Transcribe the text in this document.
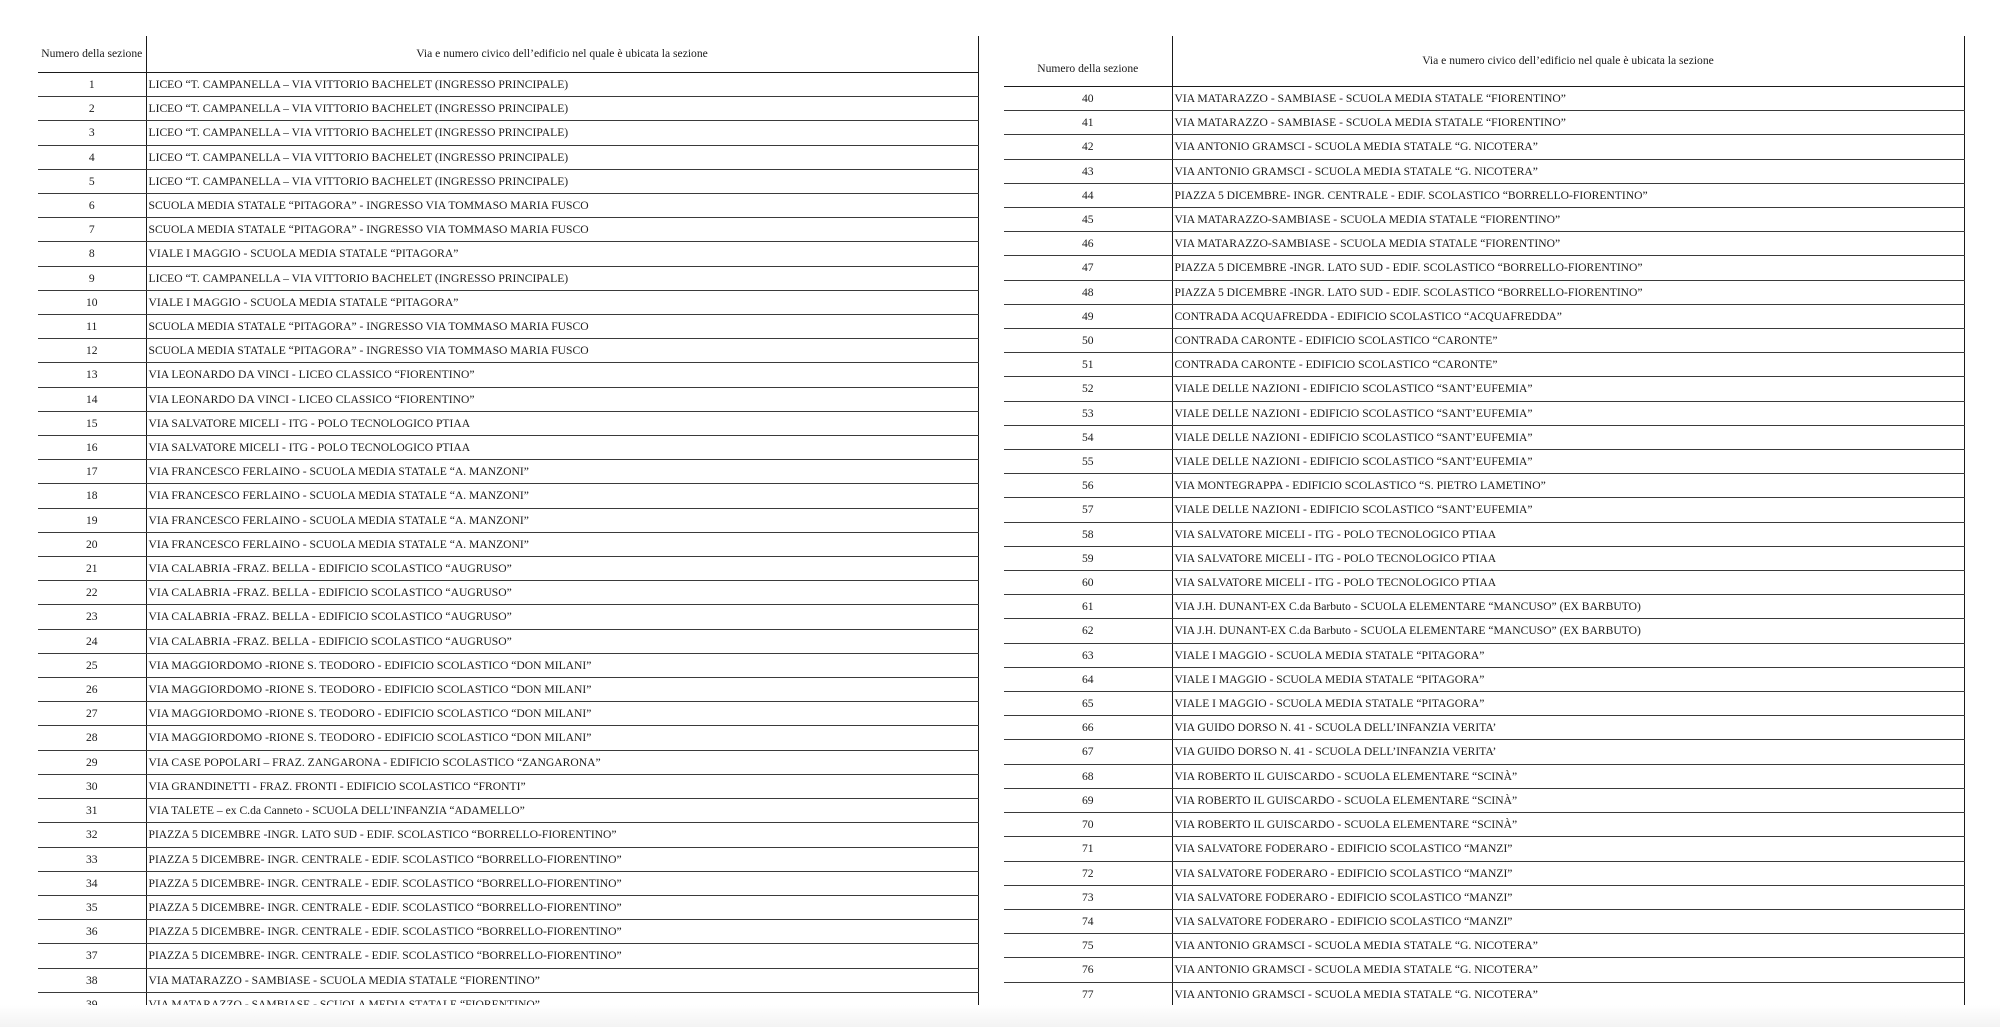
Numero della sezione	Via e numero civico dell’edificio nel quale è ubicata la sezione
1	LICEO “T. CAMPANELLA – VIA VITTORIO BACHELET (INGRESSO PRINCIPALE)
2	LICEO “T. CAMPANELLA – VIA VITTORIO BACHELET (INGRESSO PRINCIPALE)
3	LICEO “T. CAMPANELLA – VIA VITTORIO BACHELET (INGRESSO PRINCIPALE)
4	LICEO “T. CAMPANELLA – VIA VITTORIO BACHELET (INGRESSO PRINCIPALE)
5	LICEO “T. CAMPANELLA – VIA VITTORIO BACHELET (INGRESSO PRINCIPALE)
6	SCUOLA MEDIA STATALE “PITAGORA” - INGRESSO VIA TOMMASO MARIA FUSCO
7	SCUOLA MEDIA STATALE “PITAGORA” - INGRESSO VIA TOMMASO MARIA FUSCO
8	VIALE I MAGGIO - SCUOLA MEDIA STATALE “PITAGORA”
9	LICEO “T. CAMPANELLA – VIA VITTORIO BACHELET (INGRESSO PRINCIPALE)
10	VIALE I MAGGIO - SCUOLA MEDIA STATALE “PITAGORA”
11	SCUOLA MEDIA STATALE “PITAGORA” - INGRESSO VIA TOMMASO MARIA FUSCO
12	SCUOLA MEDIA STATALE “PITAGORA” - INGRESSO VIA TOMMASO MARIA FUSCO
13	VIA LEONARDO DA VINCI - LICEO CLASSICO “FIORENTINO”
14	VIA LEONARDO DA VINCI - LICEO CLASSICO “FIORENTINO”
15	VIA SALVATORE MICELI - ITG - POLO TECNOLOGICO PTIAA
16	VIA SALVATORE MICELI - ITG - POLO TECNOLOGICO PTIAA
17	VIA FRANCESCO FERLAINO - SCUOLA MEDIA STATALE “A. MANZONI”
18	VIA FRANCESCO FERLAINO - SCUOLA MEDIA STATALE “A. MANZONI”
19	VIA FRANCESCO FERLAINO - SCUOLA MEDIA STATALE “A. MANZONI”
20	VIA FRANCESCO FERLAINO - SCUOLA MEDIA STATALE “A. MANZONI”
21	VIA CALABRIA -FRAZ. BELLA - EDIFICIO SCOLASTICO “AUGRUSO”
22	VIA CALABRIA -FRAZ. BELLA - EDIFICIO SCOLASTICO “AUGRUSO”
23	VIA CALABRIA -FRAZ. BELLA - EDIFICIO SCOLASTICO “AUGRUSO”
24	VIA CALABRIA -FRAZ. BELLA - EDIFICIO SCOLASTICO “AUGRUSO”
25	VIA MAGGIORDOMO -RIONE S. TEODORO - EDIFICIO SCOLASTICO “DON MILANI”
26	VIA MAGGIORDOMO -RIONE S. TEODORO - EDIFICIO SCOLASTICO “DON MILANI”
27	VIA MAGGIORDOMO -RIONE S. TEODORO - EDIFICIO SCOLASTICO “DON MILANI”
28	VIA MAGGIORDOMO -RIONE S. TEODORO - EDIFICIO SCOLASTICO “DON MILANI”
29	VIA CASE POPOLARI – FRAZ. ZANGARONA - EDIFICIO SCOLASTICO “ZANGARONA”
30	VIA GRANDINETTI - FRAZ. FRONTI - EDIFICIO SCOLASTICO “FRONTI”
31	VIA TALETE – ex C.da Canneto - SCUOLA DELL’INFANZIA “ADAMELLO”
32	PIAZZA 5 DICEMBRE -INGR. LATO SUD - EDIF. SCOLASTICO “BORRELLO-FIORENTINO”
33	PIAZZA 5 DICEMBRE- INGR. CENTRALE - EDIF. SCOLASTICO “BORRELLO-FIORENTINO”
34	PIAZZA 5 DICEMBRE- INGR. CENTRALE - EDIF. SCOLASTICO “BORRELLO-FIORENTINO”
35	PIAZZA 5 DICEMBRE- INGR. CENTRALE - EDIF. SCOLASTICO “BORRELLO-FIORENTINO”
36	PIAZZA 5 DICEMBRE- INGR. CENTRALE - EDIF. SCOLASTICO “BORRELLO-FIORENTINO”
37	PIAZZA 5 DICEMBRE- INGR. CENTRALE - EDIF. SCOLASTICO “BORRELLO-FIORENTINO”
38	VIA MATARAZZO - SAMBIASE - SCUOLA MEDIA STATALE “FIORENTINO”

Numero della sezione	Via e numero civico dell’edificio nel quale è ubicata la sezione
40	VIA MATARAZZO - SAMBIASE - SCUOLA MEDIA STATALE “FIORENTINO”
41	VIA MATARAZZO - SAMBIASE - SCUOLA MEDIA STATALE “FIORENTINO”
42	VIA ANTONIO GRAMSCI - SCUOLA MEDIA STATALE “G. NICOTERA”
43	VIA ANTONIO GRAMSCI - SCUOLA MEDIA STATALE “G. NICOTERA”
44	PIAZZA 5 DICEMBRE- INGR. CENTRALE - EDIF. SCOLASTICO “BORRELLO-FIORENTINO”
45	VIA MATARAZZO-SAMBIASE - SCUOLA MEDIA STATALE “FIORENTINO”
46	VIA MATARAZZO-SAMBIASE - SCUOLA MEDIA STATALE “FIORENTINO”
47	PIAZZA 5 DICEMBRE -INGR. LATO SUD - EDIF. SCOLASTICO “BORRELLO-FIORENTINO”
48	PIAZZA 5 DICEMBRE -INGR. LATO SUD - EDIF. SCOLASTICO “BORRELLO-FIORENTINO”
49	CONTRADA ACQUAFREDDA - EDIFICIO SCOLASTICO “ACQUAFREDDA”
50	CONTRADA CARONTE - EDIFICIO SCOLASTICO “CARONTE”
51	CONTRADA CARONTE - EDIFICIO SCOLASTICO “CARONTE”
52	VIALE DELLE NAZIONI - EDIFICIO SCOLASTICO “SANT’EUFEMIA”
53	VIALE DELLE NAZIONI - EDIFICIO SCOLASTICO “SANT’EUFEMIA”
54	VIALE DELLE NAZIONI - EDIFICIO SCOLASTICO “SANT’EUFEMIA”
55	VIALE DELLE NAZIONI - EDIFICIO SCOLASTICO “SANT’EUFEMIA”
56	VIA MONTEGRAPPA - EDIFICIO SCOLASTICO “S. PIETRO LAMETINO”
57	VIALE DELLE NAZIONI - EDIFICIO SCOLASTICO “SANT’EUFEMIA”
58	VIA SALVATORE MICELI - ITG - POLO TECNOLOGICO PTIAA
59	VIA SALVATORE MICELI - ITG - POLO TECNOLOGICO PTIAA
60	VIA SALVATORE MICELI - ITG - POLO TECNOLOGICO PTIAA
61	VIA J.H. DUNANT-EX C.da Barbuto - SCUOLA ELEMENTARE “MANCUSO” (EX BARBUTO)
62	VIA J.H. DUNANT-EX C.da Barbuto - SCUOLA ELEMENTARE “MANCUSO” (EX BARBUTO)
63	VIALE I MAGGIO - SCUOLA MEDIA STATALE “PITAGORA”
64	VIALE I MAGGIO - SCUOLA MEDIA STATALE “PITAGORA”
65	VIALE I MAGGIO - SCUOLA MEDIA STATALE “PITAGORA”
66	VIA GUIDO DORSO N. 41 - SCUOLA DELL’INFANZIA VERITA’
67	VIA GUIDO DORSO N. 41 - SCUOLA DELL’INFANZIA VERITA’
68	VIA ROBERTO IL GUISCARDO - SCUOLA ELEMENTARE “SCINÀ”
69	VIA ROBERTO IL GUISCARDO - SCUOLA ELEMENTARE “SCINÀ”
70	VIA ROBERTO IL GUISCARDO - SCUOLA ELEMENTARE “SCINÀ”
71	VIA SALVATORE FODERARO - EDIFICIO SCOLASTICO “MANZI”
72	VIA SALVATORE FODERARO - EDIFICIO SCOLASTICO “MANZI”
73	VIA SALVATORE FODERARO - EDIFICIO SCOLASTICO “MANZI”
74	VIA SALVATORE FODERARO - EDIFICIO SCOLASTICO “MANZI”
75	VIA ANTONIO GRAMSCI - SCUOLA MEDIA STATALE “G. NICOTERA”
76	VIA ANTONIO GRAMSCI - SCUOLA MEDIA STATALE “G. NICOTERA”
77	VIA ANTONIO GRAMSCI - SCUOLA MEDIA STATALE “G. NICOTERA”
